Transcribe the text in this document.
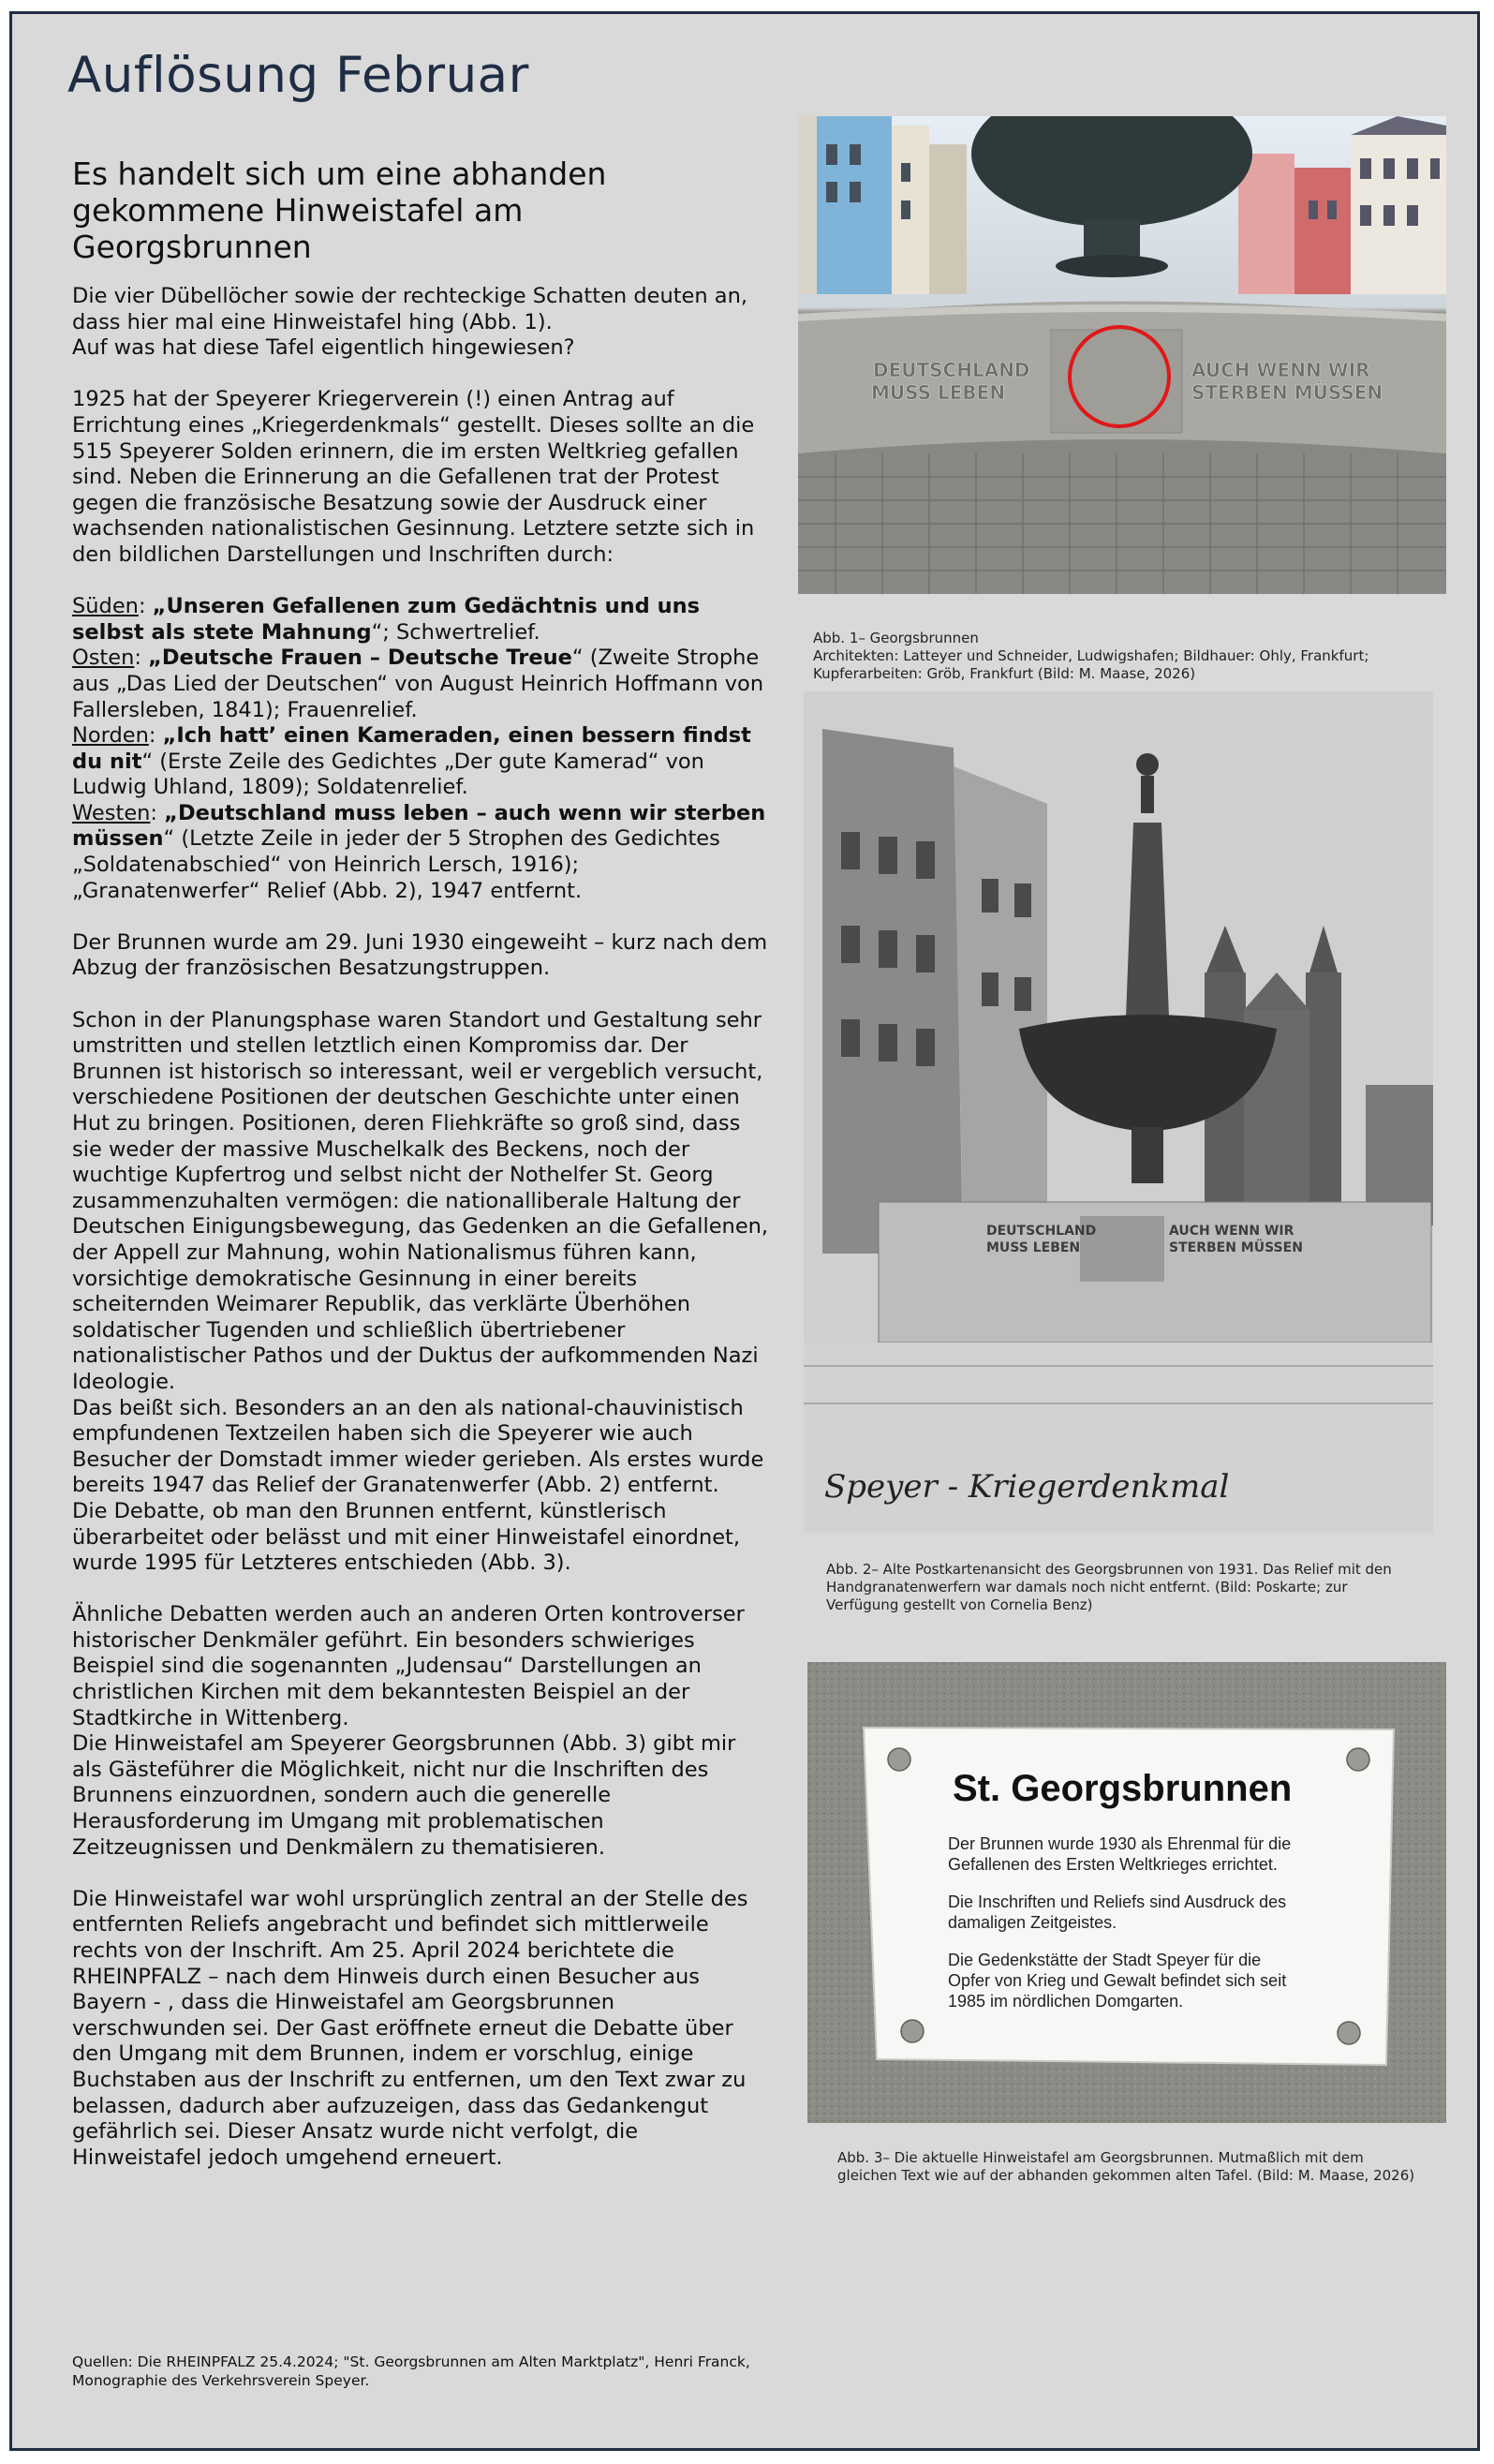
Auflösung Februar
Es handelt sich um eine abhanden gekommene Hinweistafel am Georgsbrunnen

Die vier Dübellöcher sowie der rechteckige Schatten deuten an, dass hier mal eine Hinweistafel hing (Abb. 1).

Auf was hat diese Tafel eigentlich hingewiesen?

1925 hat der Speyerer Kriegerverein (!) einen Antrag auf Errichtung eines „Kriegerdenkmals“ gestellt. Dieses sollte an die 515 Speyerer Solden erinnern, die im ersten Weltkrieg gefallen sind. Neben die Erinnerung an die Gefallenen trat der Protest gegen die französische Besatzung sowie der Ausdruck einer wachsenden nationalistischen Gesinnung. Letztere setzte sich in den bildlichen Darstellungen und Inschriften durch:

Süden: „Unseren Gefallenen zum Gedächtnis und uns selbst als stete Mahnung“; Schwertrelief.
Osten: „Deutsche Frauen – Deutsche Treue“ (Zweite Strophe aus „Das Lied der Deutschen“ von August Heinrich Hoffmann von Fallersleben, 1841); Frauenrelief.
Norden: „Ich hatt’ einen Kameraden, einen bessern findst du nit“ (Erste Zeile des Gedichtes „Der gute Kamerad“ von Ludwig Uhland, 1809); Soldatenrelief.
Westen: „Deutschland muss leben – auch wenn wir sterben müssen“ (Letzte Zeile in jeder der 5 Strophen des Gedichtes „Soldatenabschied“ von Heinrich Lersch, 1916); „Granatenwerfer“ Relief (Abb. 2), 1947 entfernt.

Der Brunnen wurde am 29. Juni 1930 eingeweiht – kurz nach dem Abzug der französischen Besatzungstruppen.

Schon in der Planungsphase waren Standort und Gestaltung sehr umstritten und stellen letztlich einen Kompromiss dar. Der Brunnen ist historisch so interessant, weil er vergeblich versucht, verschiedene Positionen der deutschen Geschichte unter einen Hut zu bringen. Positionen, deren Fliehkräfte so groß sind, dass sie weder der massive Muschelkalk des Beckens, noch der wuchtige Kupfertrog und selbst nicht der Nothelfer St. Georg zusammenzuhalten vermögen: die nationalliberale Haltung der Deutschen Einigungsbewegung, das Gedenken an die Gefallenen, der Appell zur Mahnung, wohin Nationalismus führen kann, vorsichtige demokratische Gesinnung in einer bereits scheiternden Weimarer Republik, das verklärte Überhöhen soldatischer Tugenden und schließlich übertriebener nationalistischer Pathos und der Duktus der aufkommenden Nazi Ideologie.

Das beißt sich. Besonders an an den als national-chauvinistisch empfundenen Textzeilen haben sich die Speyerer wie auch Besucher der Domstadt immer wieder gerieben. Als erstes wurde bereits 1947 das Relief der Granatenwerfer (Abb. 2) entfernt.

Die Debatte, ob man den Brunnen entfernt, künstlerisch überarbeitet oder belässt und mit einer Hinweistafel einordnet, wurde 1995 für Letzteres entschieden (Abb. 3).

Ähnliche Debatten werden auch an anderen Orten kontroverser historischer Denkmäler geführt. Ein besonders schwieriges Beispiel sind die sogenannten „Judensau“ Darstellungen an christlichen Kirchen mit dem bekanntesten Beispiel an der Stadtkirche in Wittenberg.

Die Hinweistafel am Speyerer Georgsbrunnen (Abb. 3) gibt mir als Gästeführer die Möglichkeit, nicht nur die Inschriften des Brunnens einzuordnen, sondern auch die generelle Herausforderung im Umgang mit problematischen Zeitzeugnissen und Denkmälern zu thematisieren.

Die Hinweistafel war wohl ursprünglich zentral an der Stelle des entfernten Reliefs angebracht und befindet sich mittlerweile rechts von der Inschrift. Am 25. April 2024 berichtete die RHEINPFALZ – nach dem Hinweis durch einen Besucher aus Bayern - , dass die Hinweistafel am Georgsbrunnen verschwunden sei. Der Gast eröffnete erneut die Debatte über den Umgang mit dem Brunnen, indem er vorschlug, einige Buchstaben aus der Inschrift zu entfernen, um den Text zwar zu belassen, dadurch aber aufzuzeigen, dass das Gedankengut gefährlich sei. Dieser Ansatz wurde nicht verfolgt, die Hinweistafel jedoch umgehend erneuert.

Quellen: Die RHEINPFALZ 25.4.2024; "St. Georgsbrunnen am Alten Marktplatz", Henri Franck, Monographie des Verkehrsverein Speyer.
DEUTSCHLAND
MUSS LEBEN
AUCH WENN WIR
STERBEN MÜSSEN
Abb. 1– Georgsbrunnen
Architekten: Latteyer und Schneider, Ludwigshafen; Bildhauer: Ohly, Frankfurt;
Kupferarbeiten: Gröb, Frankfurt (Bild: M. Maase, 2026)
DEUTSCHLAND
MUSS LEBEN
AUCH WENN WIR
STERBEN MÜSSEN
Speyer - Kriegerdenkmal
Abb. 2– Alte Postkartenansicht des Georgsbrunnen von 1931. Das Relief mit den
Handgranatenwerfern war damals noch nicht entfernt. (Bild: Poskarte; zur
Verfügung gestellt von Cornelia Benz)
St. Georgsbrunnen
Der Brunnen wurde 1930 als Ehrenmal für die
Gefallenen des Ersten Weltkrieges errichtet.
Die Inschriften und Reliefs sind Ausdruck des
damaligen Zeitgeistes.
Die Gedenkstätte der Stadt Speyer für die
Opfer von Krieg und Gewalt befindet sich seit
1985 im nördlichen Domgarten.
Abb. 3– Die aktuelle Hinweistafel am Georgsbrunnen. Mutmaßlich mit dem
gleichen Text wie auf der abhanden gekommen alten Tafel. (Bild: M. Maase, 2026)
